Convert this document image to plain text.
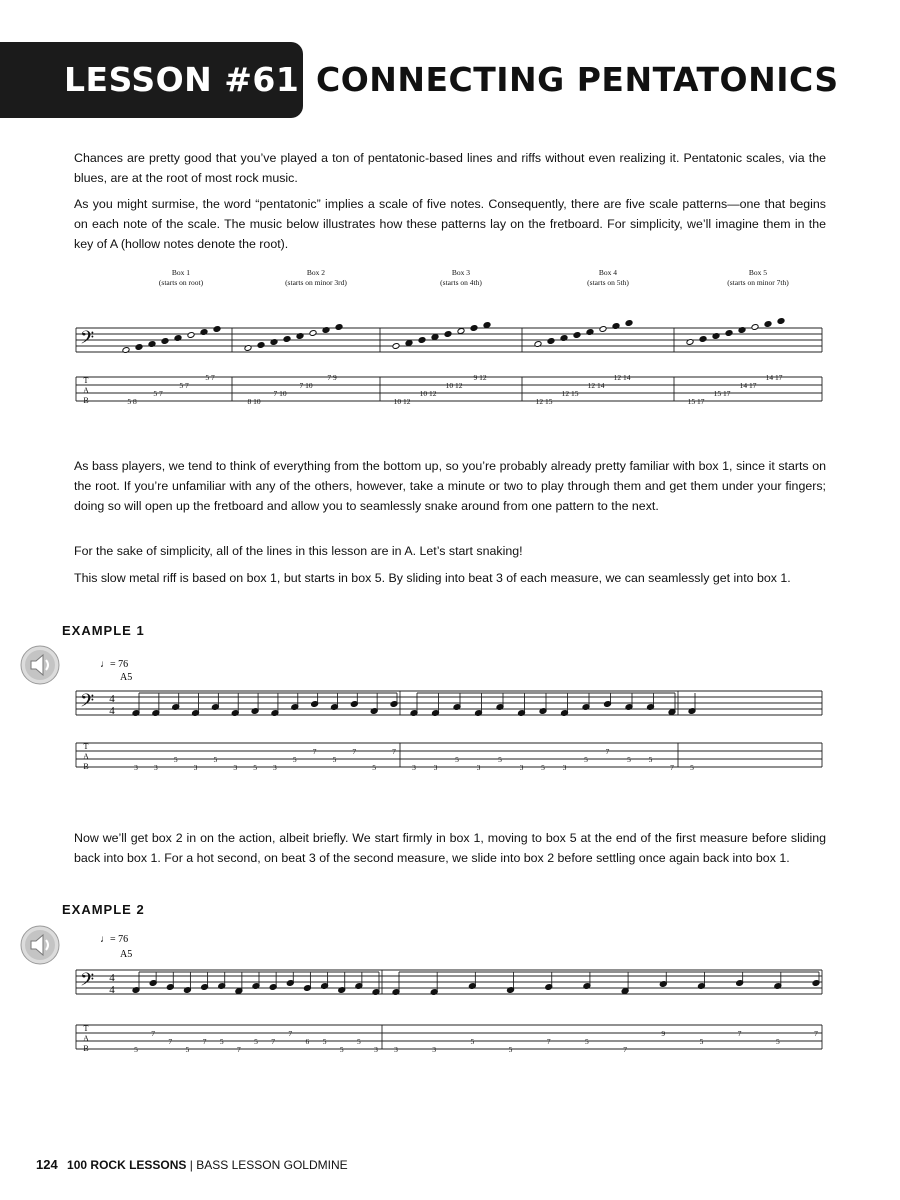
LESSON #61: CONNECTING PENTATONICS

Chances are pretty good that you’ve played a ton of pentatonic-based lines and riffs without even realizing it. Pentatonic scales, via the blues, are at the root of most rock music.

As you might surmise, the word “pentatonic” implies a scale of five notes. Consequently, there are five scale patterns—one that begins on each note of the scale. The music below illustrates how these patterns lay on the fretboard. For simplicity, we’ll imagine them in the key of A (hollow notes denote the root).

𝄢
T
A
B
Box 1
(starts on root)
5 8
5 7
5 7
5 7
Box 2
(starts on minor 3rd)
8 10
7 10
7 10
7 9
Box 3
(starts on 4th)
10 12
10 12
10 12
9 12
Box 4
(starts on 5th)
12 15
12 15
12 14
12 14
Box 5
(starts on minor 7th)
15 17
15 17
14 17
14 17

As bass players, we tend to think of everything from the bottom up, so you’re probably already pretty familiar with box 1, since it starts on the root. If you’re unfamiliar with any of the others, however, take a minute or two to play through them and get them under your fingers; doing so will open up the fretboard and allow you to seamlessly snake around from one pattern to the next.

For the sake of simplicity, all of the lines in this lesson are in A. Let’s start snaking!

This slow metal riff is based on box 1, but starts in box 5. By sliding into beat 3 of each measure, we can seamlessly get into box 1.

EXAMPLE 1
♩= 76
A5
𝄢 4
4
T
A
B	3 3
5
3
5
3 5 3
5
7
5
7
5
7
3 3
5
3
5
3 5 3
5
7
5 5
7 5

Now we’ll get box 2 in on the action, albeit briefly. We start firmly in box 1, moving to box 5 at the end of the first measure before sliding back into box 1. For a hot second, on beat 3 of the second measure, we slide into box 2 before settling once again back into box 1.

EXAMPLE 2
♩= 76
A5
𝄢 4
4
T
A
B	5
7
7
5
7 5
7
5 7
7
6 5
5
5
3 3	3
5
5
7	5
7
9
5
7
5
7
124 100 ROCK LESSONS | BASS LESSON GOLDMINE
